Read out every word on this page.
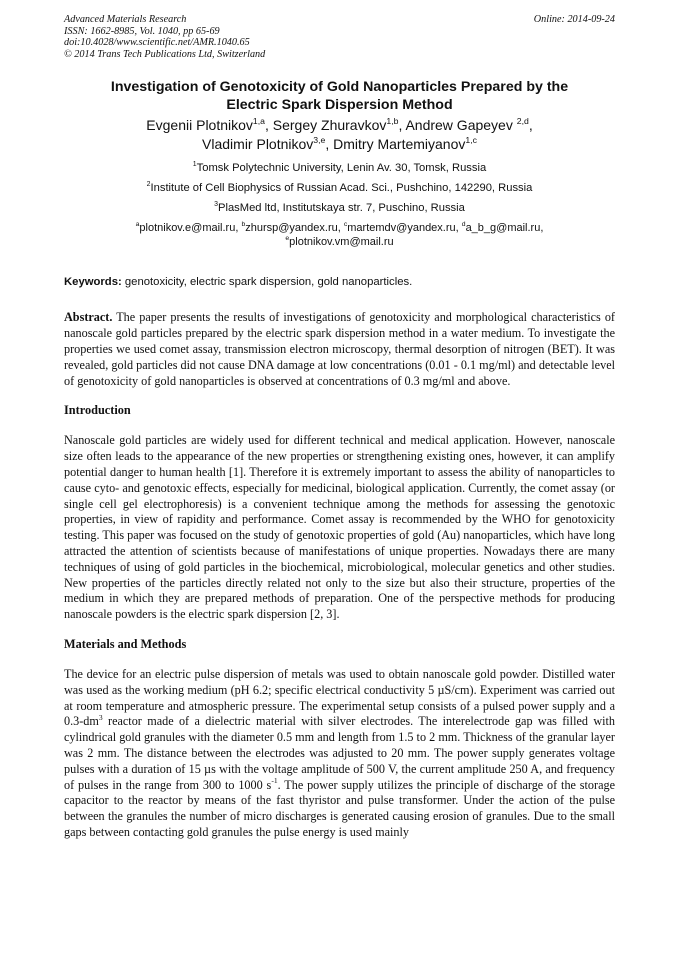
Advanced Materials Research
ISSN: 1662-8985, Vol. 1040, pp 65-69
doi:10.4028/www.scientific.net/AMR.1040.65
© 2014 Trans Tech Publications Ltd, Switzerland
Online: 2014-09-24
Investigation of Genotoxicity of Gold Nanoparticles Prepared by the
Electric Spark Dispersion Method
Evgenii Plotnikov$^{1,a}$, Sergey Zhuravkov$^{1,b}$, Andrew Gapeyev $^{2,d}$,
Vladimir Plotnikov$^{3,e}$, Dmitry Martemiyanov$^{1,c}$
$^1$Tomsk Polytechnic University, Lenin Av. 30, Tomsk, Russia
$^2$Institute of Cell Biophysics of Russian Acad. Sci., Pushchino, 142290, Russia
$^3$PlasMed ltd, Institutskaya str. 7, Puschino, Russia
$^a$plotnikov.e@mail.ru, $^b$zhursp@yandex.ru, $^c$martemdv@yandex.ru, $^d$a_b_g@mail.ru,
$^e$plotnikov.vm@mail.ru
Keywords: genotoxicity, electric spark dispersion, gold nanoparticles.

Abstract. The paper presents the results of investigations of genotoxicity and morphological characteristics of nanoscale gold particles prepared by the electric spark dispersion method in a water medium. To investigate the properties we used comet assay, transmission electron microscopy, thermal desorption of nitrogen (BET). It was revealed, gold particles did not cause DNA damage at low concentrations (0.01 - 0.1 mg/ml) and detectable level of genotoxicity of gold nanoparticles is observed at concentrations of 0.3 mg/ml and above.

Introduction

Nanoscale gold particles are widely used for different technical and medical application. However, nanoscale size often leads to the appearance of the new properties or strengthening existing ones, however, it can amplify potential danger to human health [1]. Therefore it is extremely important to assess the ability of nanoparticles to cause cyto- and genotoxic effects, especially for medicinal, biological application. Currently, the comet assay (or single cell gel electrophoresis) is a convenient technique among the methods for assessing the genotoxic properties, in view of rapidity and performance. Comet assay is recommended by the WHO for genotoxicity testing. This paper was focused on the study of genotoxic properties of gold (Au) nanoparticles, which have long attracted the attention of scientists because of manifestations of unique properties. Nowadays there are many techniques of using of gold particles in the biochemical, microbiological, molecular genetics and other studies. New properties of the particles directly related not only to the size but also their structure, properties of the medium in which they are prepared methods of preparation. One of the perspective methods for producing nanoscale powders is the electric spark dispersion [2, 3].

Materials and Methods

The device for an electric pulse dispersion of metals was used to obtain nanoscale gold powder. Distilled water was used as the working medium (pH 6.2; specific electrical conductivity 5 µS/cm). Experiment was carried out at room temperature and atmospheric pressure. The experimental setup consists of a pulsed power supply and a $0.3-dm^3$ reactor made of a dielectric material with silver electrodes. The interelectrode gap was filled with cylindrical gold granules with the diameter 0.5 mm and length from 1.5 to 2 mm. Thickness of the granular layer was 2 mm. The distance between the electrodes was adjusted to 20 mm. The power supply generates voltage pulses with a duration of 15 µs with the voltage amplitude of 500 V, the current amplitude 250 A, and frequency of pulses in the range from 300 to 1000 $s^{-1}$. The power supply utilizes the principle of discharge of the storage capacitor to the reactor by means of the fast thyristor and pulse transformer. Under the action of the pulse between the granules the number of micro discharges is generated causing erosion of granules. Due to the small gaps between contacting gold granules the pulse energy is used mainly
